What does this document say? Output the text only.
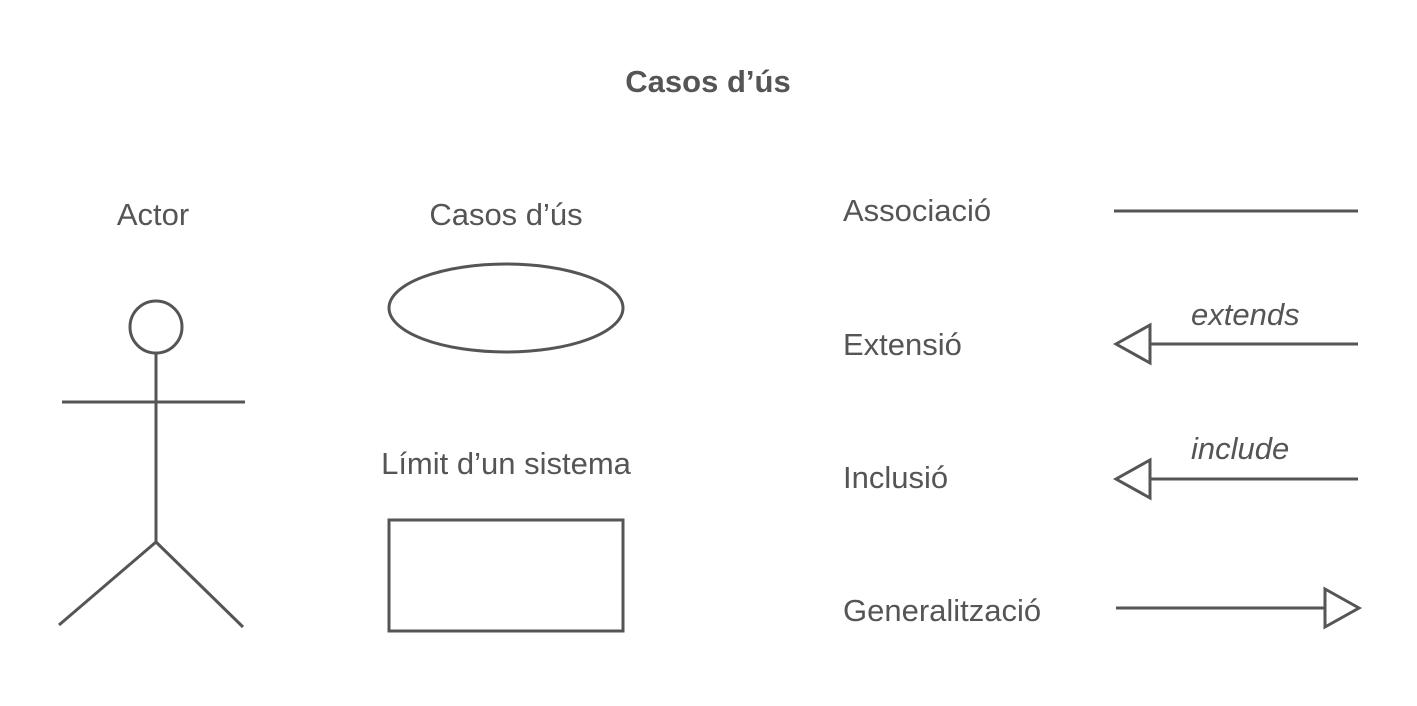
Casos d’ús
Actor	Casos d’ús
Límit d’un sistema
Associació
Extensió
extends
Inclusió
include
Generalització
